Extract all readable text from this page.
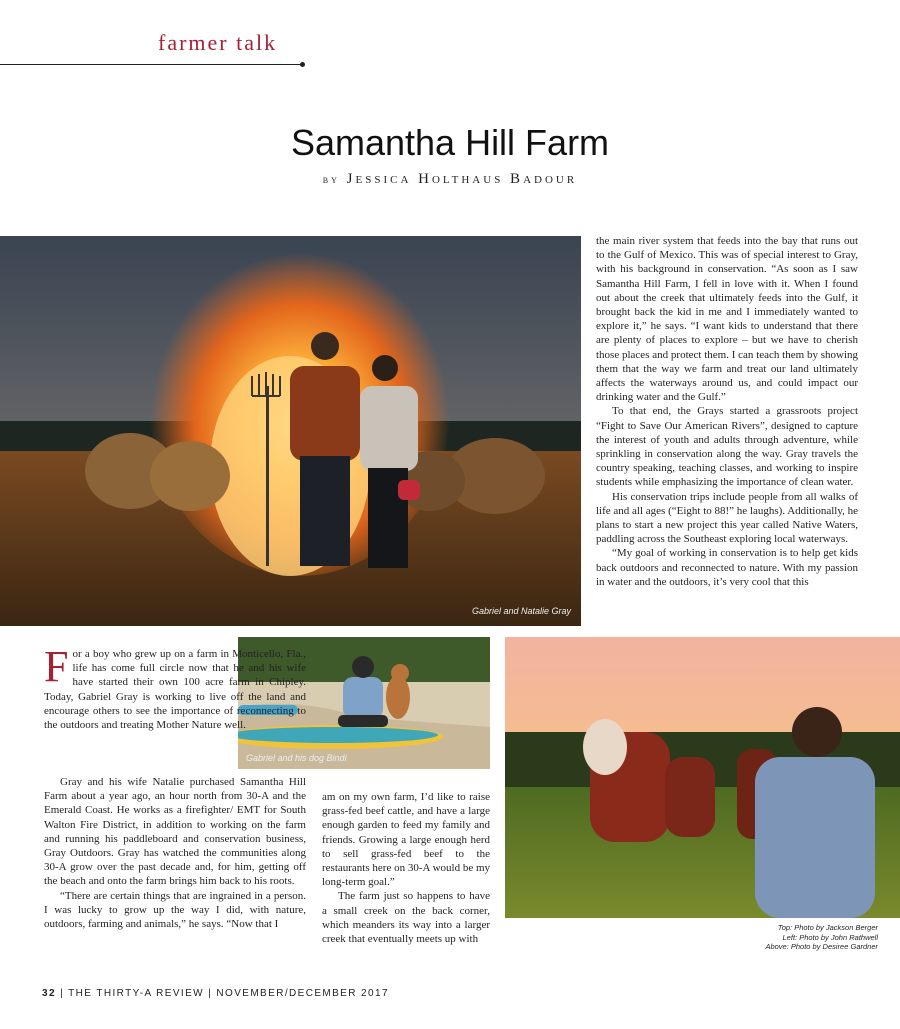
farmer talk
Samantha Hill Farm
by Jessica Holthaus Badour
Gabriel and Natalie Gray

the main river system that feeds into the bay that runs out to the Gulf of Mexico. This was of special interest to Gray, with his background in conservation. “As soon as I saw Samantha Hill Farm, I fell in love with it. When I found out about the creek that ultimately feeds into the Gulf, it brought back the kid in me and I immediately wanted to explore it,” he says. “I want kids to understand that there are plenty of places to explore – but we have to cherish those places and protect them. I can teach them by showing them that the way we farm and treat our land ultimately affects the waterways around us, and could impact our drinking water and the Gulf.”

To that end, the Grays started a grassroots project “Fight to Save Our American Rivers”, designed to capture the interest of youth and adults through adventure, while sprinkling in conservation along the way. Gray travels the country speaking, teaching classes, and working to inspire students while emphasizing the importance of clean water.

His conservation trips include people from all walks of life and all ages (“Eight to 88!” he laughs). Additionally, he plans to start a new project this year called Native Waters, paddling across the Southeast exploring local waterways.

“My goal of working in conservation is to help get kids back outdoors and reconnected to nature. With my passion in water and the outdoors, it’s very cool that this

Gabriel and his dog Bindi

F or a boy who grew up on a farm in Monticello, Fla., life has come full circle now that he and his wife have started their own 100 acre farm in Chipley. Today, Gabriel Gray is working to live off the land and encourage others to see the importance of reconnecting to the outdoors and treating Mother Nature well.

Gray and his wife Natalie purchased Samantha Hill Farm about a year ago, an hour north from 30-A and the Emerald Coast. He works as a firefighter/ EMT for South Walton Fire District, in addition to working on the farm and running his paddleboard and conservation business, Gray Outdoors. Gray has watched the communities along 30-A grow over the past decade and, for him, getting off the beach and onto the farm brings him back to his roots.

“There are certain things that are ingrained in a person. I was lucky to grow up the way I did, with nature, outdoors, farming and animals,” he says. “Now that I

am on my own farm, I’d like to raise grass-fed beef cattle, and have a large enough garden to feed my family and friends. Growing a large enough herd to sell grass-fed beef to the restaurants here on 30-A would be my long-term goal.”

The farm just so happens to have a small creek on the back corner, which meanders its way into a larger creek that eventually meets up with

Top: Photo by Jackson Berger
Left: Photo by John Rathwell
Above: Photo by Desiree Gardner
32 | THE THIRTY-A REVIEW | NOVEMBER/DECEMBER 2017
